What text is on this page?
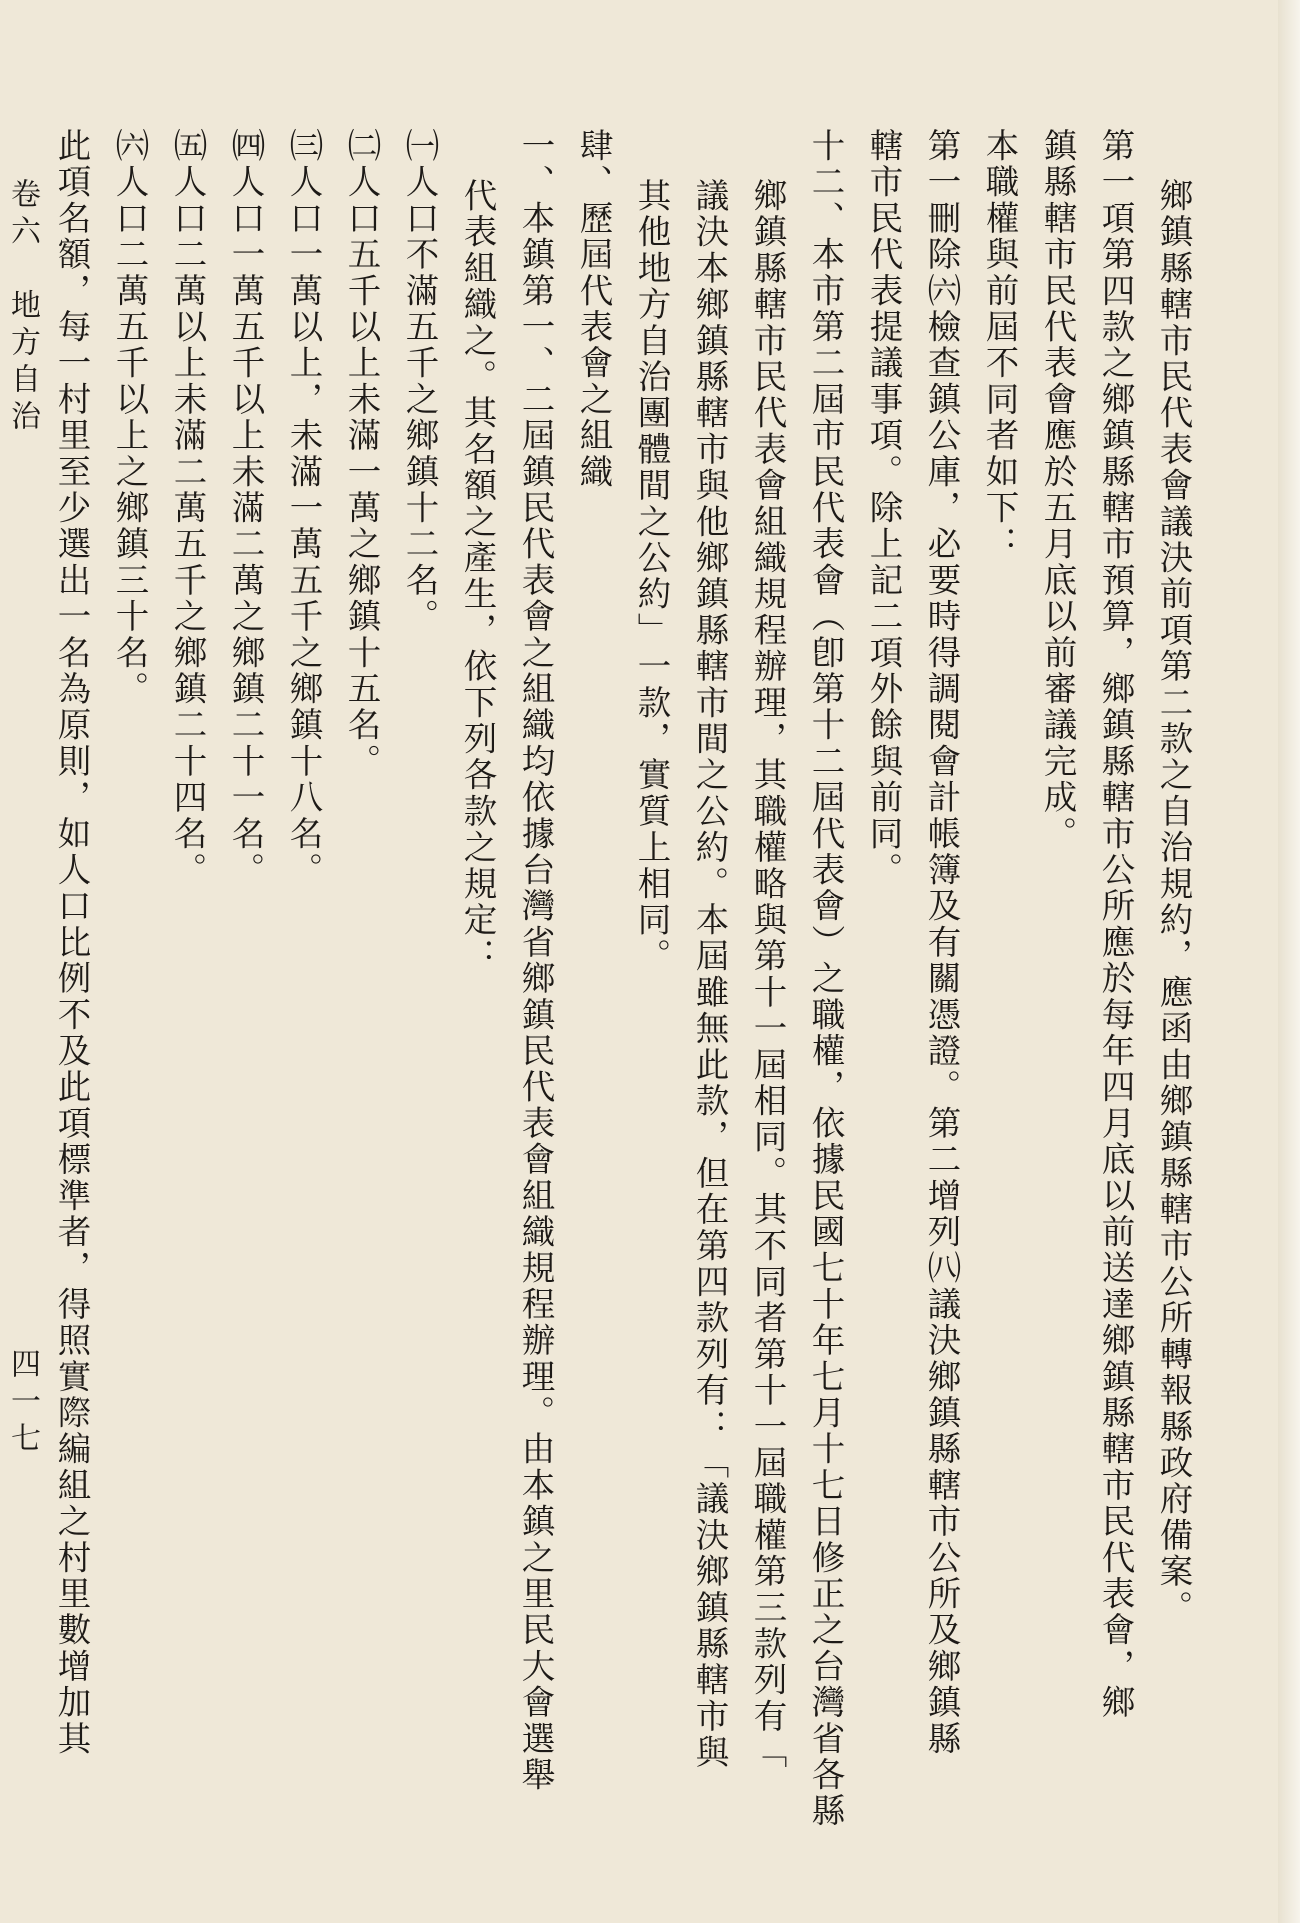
鄉鎮縣轄市民代表會議決前項第二款之自治規約，應函由鄉鎮縣轄市公所轉報縣政府備案。
第一項第四款之鄉鎮縣轄市預算，鄉鎮縣轄市公所應於每年四月底以前送達鄉鎮縣轄市民代表會，鄉
鎮縣轄市民代表會應於五月底以前審議完成。
本職權與前屆不同者如下：
第一刪除㈥檢查鎮公庫，必要時得調閱會計帳簿及有關憑證。第二增列㈧議決鄉鎮縣轄市公所及鄉鎮縣
轄市民代表提議事項。除上記二項外餘與前同。
十二、本市第二屆市民代表會（卽第十二屆代表會）之職權，依據民國七十年七月十七日修正之台灣省各縣
鄉鎮縣轄市民代表會組織規程辦理，其職權略與第十一屆相同。其不同者第十一屆職權第三款列有「
議決本鄉鎮縣轄市與他鄉鎮縣轄市間之公約。本屆雖無此款，但在第四款列有：「議決鄉鎮縣轄市與
其他地方自治團體間之公約」一款，實質上相同。
肆、歷屆代表會之組織
一、本鎮第一、二屆鎮民代表會之組織均依據台灣省鄉鎮民代表會組織規程辦理。由本鎮之里民大會選舉
代表組織之。其名額之產生，依下列各款之規定：
㈠人口不滿五千之鄉鎮十二名。
㈡人口五千以上未滿一萬之鄉鎮十五名。
㈢人口一萬以上，未滿一萬五千之鄉鎮十八名。
㈣人口一萬五千以上未滿二萬之鄉鎮二十一名。
㈤人口二萬以上未滿二萬五千之鄉鎮二十四名。
㈥人口二萬五千以上之鄉鎮三十名。
此項名額，每一村里至少選出一名為原則，如人口比例不及此項標準者，得照實際編組之村里數增加其
卷六　地方自治
四一七
